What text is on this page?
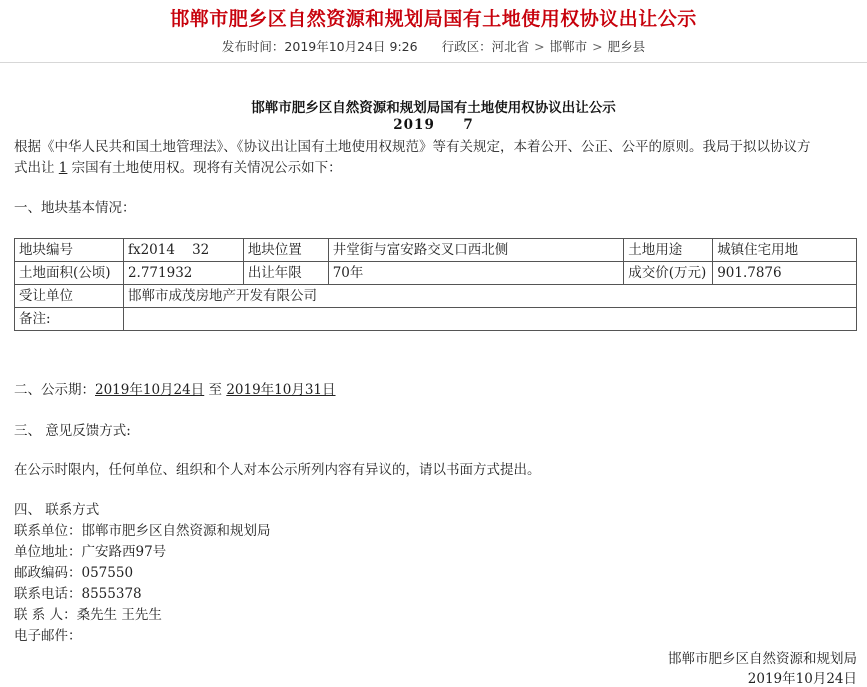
邯郸市肥乡区自然资源和规划局国有土地使用权协议出让公示
发布时间：2019年10月24日 9:26 行政区：河北省 > 邯郸市 > 肥乡县
邯郸市肥乡区自然资源和规划局国有土地使用权协议出让公示
2019     7
根据《中华人民共和国土地管理法》、《协议出让国有土地使用权规范》等有关规定，本着公开、公正、公平的原则。我局于拟以协议方
式出让 1 宗国有土地使用权。现将有关情况公示如下：
一、地块基本情况：
地块编号	fx2014    32	地块位置	井堂街与富安路交叉口西北侧	土地用途	城镇住宅用地
土地面积(公顷)	2.771932	出让年限	70年	成交价(万元)	901.7876
受让单位	邯郸市成茂房地产开发有限公司				
备注:					
二、公示期：2019年10月24日 至 2019年10月31日
三、 意见反馈方式:
在公示时限内，任何单位、组织和个人对本公示所列内容有异议的，请以书面方式提出。
四、 联系方式
联系单位：邯郸市肥乡区自然资源和规划局
单位地址：广安路西97号
邮政编码：057550
联系电话：8555378
联 系 人：桑先生 王先生
电子邮件：
邯郸市肥乡区自然资源和规划局
2019年10月24日
